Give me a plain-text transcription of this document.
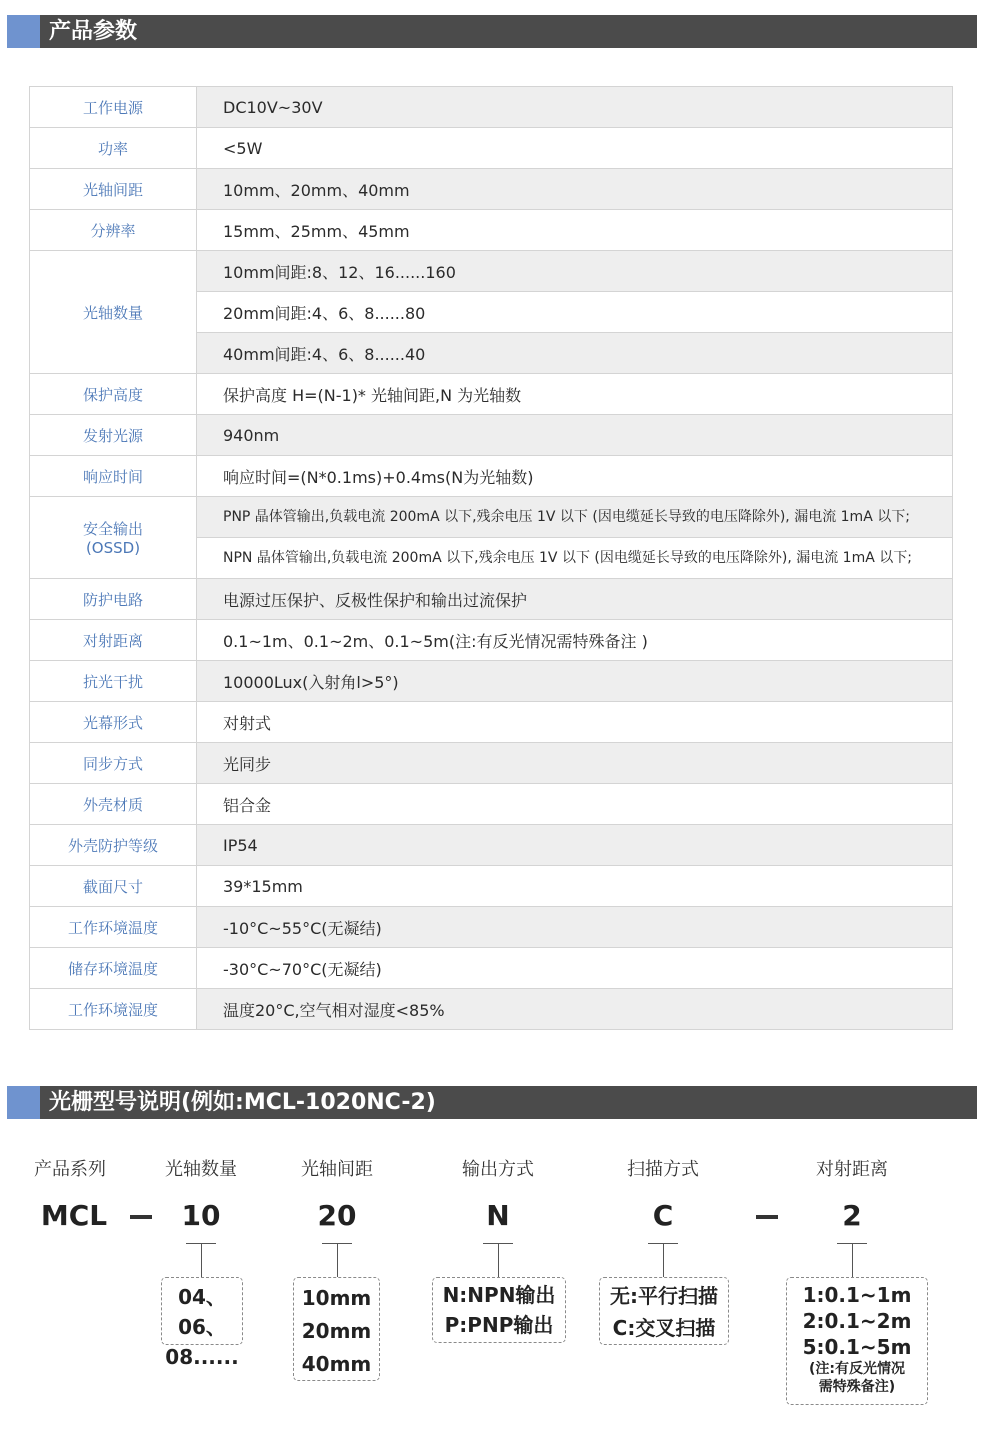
产品参数
工作电源	DC10V~30V
功率	<5W
光轴间距	10mm、20mm、40mm
分辨率	15mm、25mm、45mm
光轴数量	10mm间距:8、12、16......160
	20mm间距:4、6、8......80
	40mm间距:4、6、8......40
保护高度	保护高度 H=(N-1)* 光轴间距,N 为光轴数
发射光源	940nm
响应时间	响应时间=(N*0.1ms)+0.4ms(N为光轴数)

安全输出
(OSSD)	PNP 晶体管输出,负载电流 200mA 以下,残余电压 1V 以下 (因电缆延长导致的电压降除外), 漏电流 1mA 以下;
	NPN 晶体管输出,负载电流 200mA 以下,残余电压 1V 以下 (因电缆延长导致的电压降除外), 漏电流 1mA 以下;
防护电路	电源过压保护、反极性保护和输出过流保护
对射距离	0.1~1m、0.1~2m、0.1~5m(注:有反光情况需特殊备注 )
抗光干扰	10000Lux(入射角l>5°)
光幕形式	对射式
同步方式	光同步
外壳材质	铝合金
外壳防护等级	IP54
截面尺寸	39*15mm
工作环境温度	-10°C~55°C(无凝结)
储存环境温度	-30°C~70°C(无凝结)
工作环境湿度	温度20°C,空气相对湿度<85%
光栅型号说明(例如:MCL-1020NC-2)
产品系列	光轴数量	光轴间距	输出方式	扫描方式	对射距离
MCL	10	20	N	C	2
04、06、
08......
10mm
20mm
40mm
N:NPN输出
P:PNP输出
无:平行扫描
C:交叉扫描
1:0.1~1m
2:0.1~2m
5:0.1~5m
(注:有反光情况
需特殊备注)
